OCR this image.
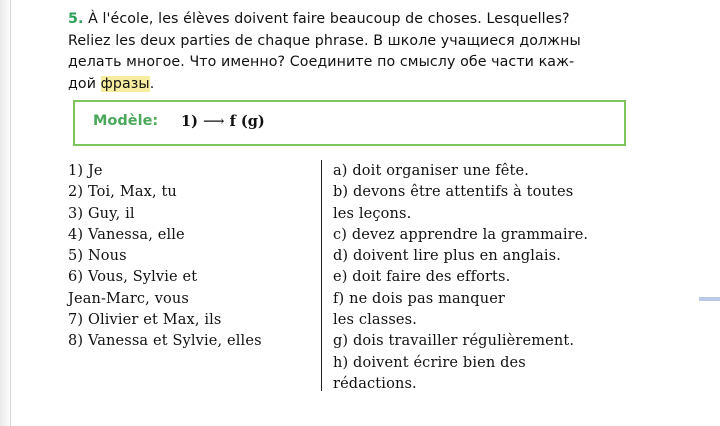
5. À l'école, les élèves doivent faire beaucoup de choses. Lesquelles?
Reliez les deux parties de chaque phrase. В школе учащиеся должны
делать многое. Что именно? Соедините по смыслу обе части каж-
дой фразы.
Modèle: 1) ⟶ f (g)
1) Je
2) Toi, Max, tu
3) Guy, il
4) Vanessa, elle
5) Nous
6) Vous, Sylvie et
Jean-Marc, vous
7) Olivier et Max, ils
8) Vanessa et Sylvie, elles
a) doit organiser une fête.
b) devons être attentifs à toutes
les leçons.
c) devez apprendre la grammaire.
d) doivent lire plus en anglais.
e) doit faire des efforts.
f) ne dois pas manquer
les classes.
g) dois travailler régulièrement.
h) doivent écrire bien des
rédactions.
